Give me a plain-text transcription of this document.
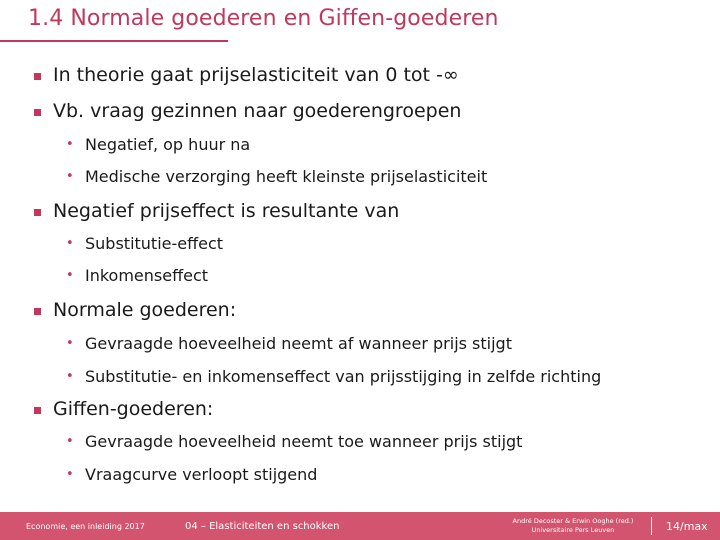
1.4 Normale goederen en Giffen-goederen
In theorie gaat prijselasticiteit van 0 tot -∞
Vb. vraag gezinnen naar goederengroepen
• Negatief, op huur na
• Medische verzorging heeft kleinste prijselasticiteit
Negatief prijseffect is resultante van
• Substitutie-effect
• Inkomenseffect
Normale goederen:
• Gevraagde hoeveelheid neemt af wanneer prijs stijgt
• Substitutie- en inkomenseffect van prijsstijging in zelfde richting
Giffen-goederen:
• Gevraagde hoeveelheid neemt toe wanneer prijs stijgt
• Vraagcurve verloopt stijgend
Economie, een inleiding 2017	04 – Elasticiteiten en schokken	André Decoster & Erwin Ooghe (red.)
Universitaire Pers Leuven	14/max
